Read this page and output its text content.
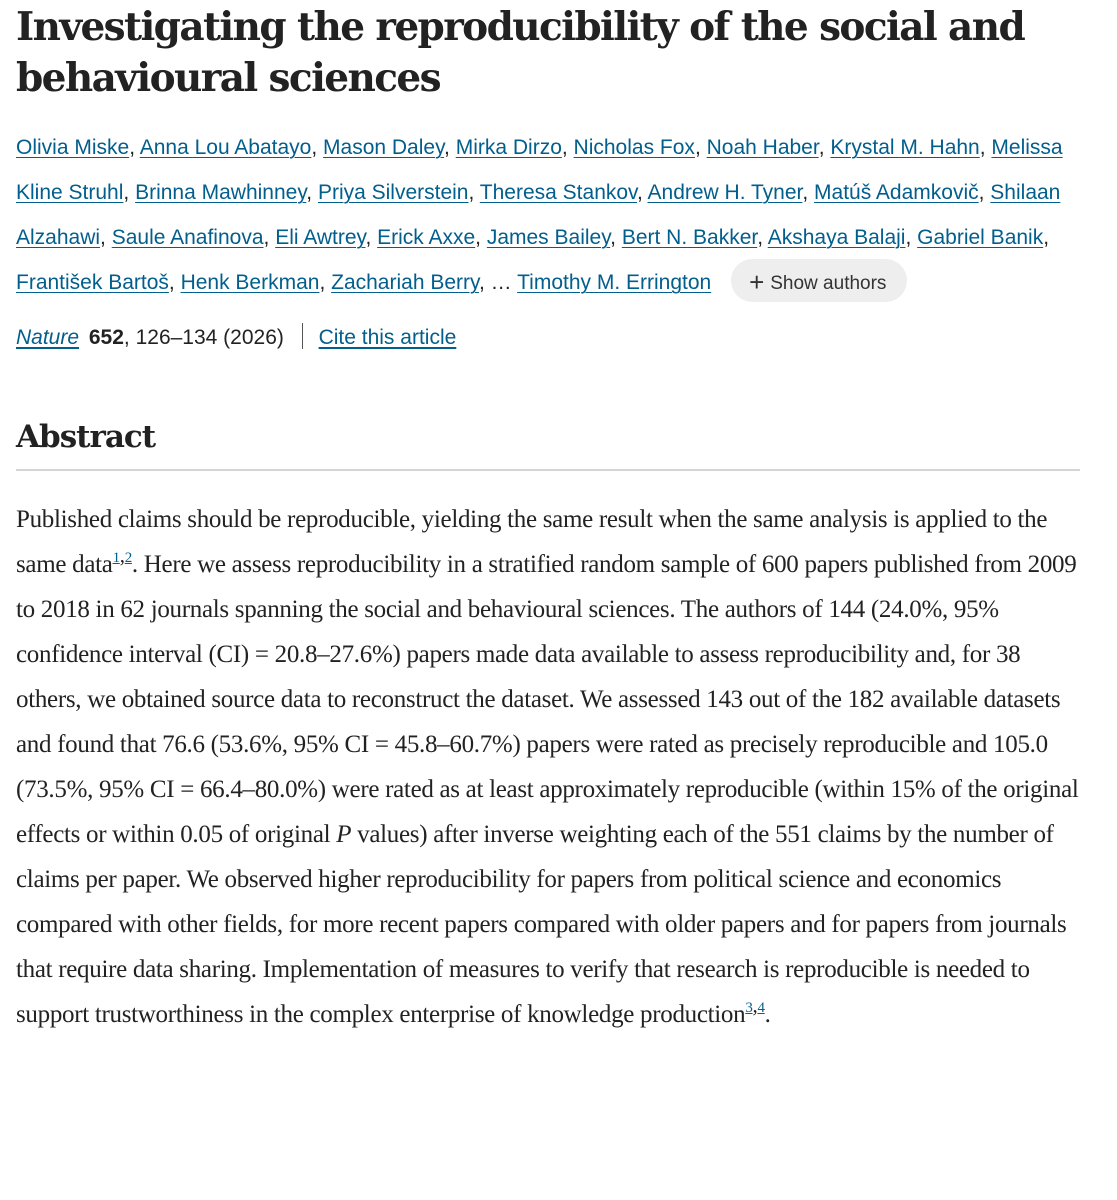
Investigating the reproducibility of the social and behavioural sciences
Olivia Miske, Anna Lou Abatayo, Mason Daley, Mirka Dirzo, Nicholas Fox, Noah Haber, Krystal M. Hahn, Melissa Kline Struhl, Brinna Mawhinney, Priya Silverstein, Theresa Stankov, Andrew H. Tyner, Matúš Adamkovič, Shilaan Alzahawi, Saule Anafinova, Eli Awtrey, Erick Axxe, James Bailey, Bert N. Bakker, Akshaya Balaji, Gabriel Banik, František Bartoš, Henk Berkman, Zachariah Berry, … Timothy M. Errington + Show authors
Nature 652, 126–134 (2026) Cite this article
Abstract

Published claims should be reproducible, yielding the same result when the same analysis is applied to the same data$^{1,2}$. Here we assess reproducibility in a stratified random sample of 600 papers published from 2009 to 2018 in 62 journals spanning the social and behavioural sciences. The authors of 144 (24.0%, 95% confidence interval (CI) = 20.8–27.6%) papers made data available to assess reproducibility and, for 38 others, we obtained source data to reconstruct the dataset. We assessed 143 out of the 182 available datasets and found that 76.6 (53.6%, 95% CI = 45.8–60.7%) papers were rated as precisely reproducible and 105.0 (73.5%, 95% CI = 66.4–80.0%) were rated as at least approximately reproducible (within 15% of the original effects or within 0.05 of original P values) after inverse weighting each of the 551 claims by the number of claims per paper. We observed higher reproducibility for papers from political science and economics compared with other fields, for more recent papers compared with older papers and for papers from journals that require data sharing. Implementation of measures to verify that research is reproducible is needed to support trustworthiness in the complex enterprise of knowledge production$^{3,4}$.
